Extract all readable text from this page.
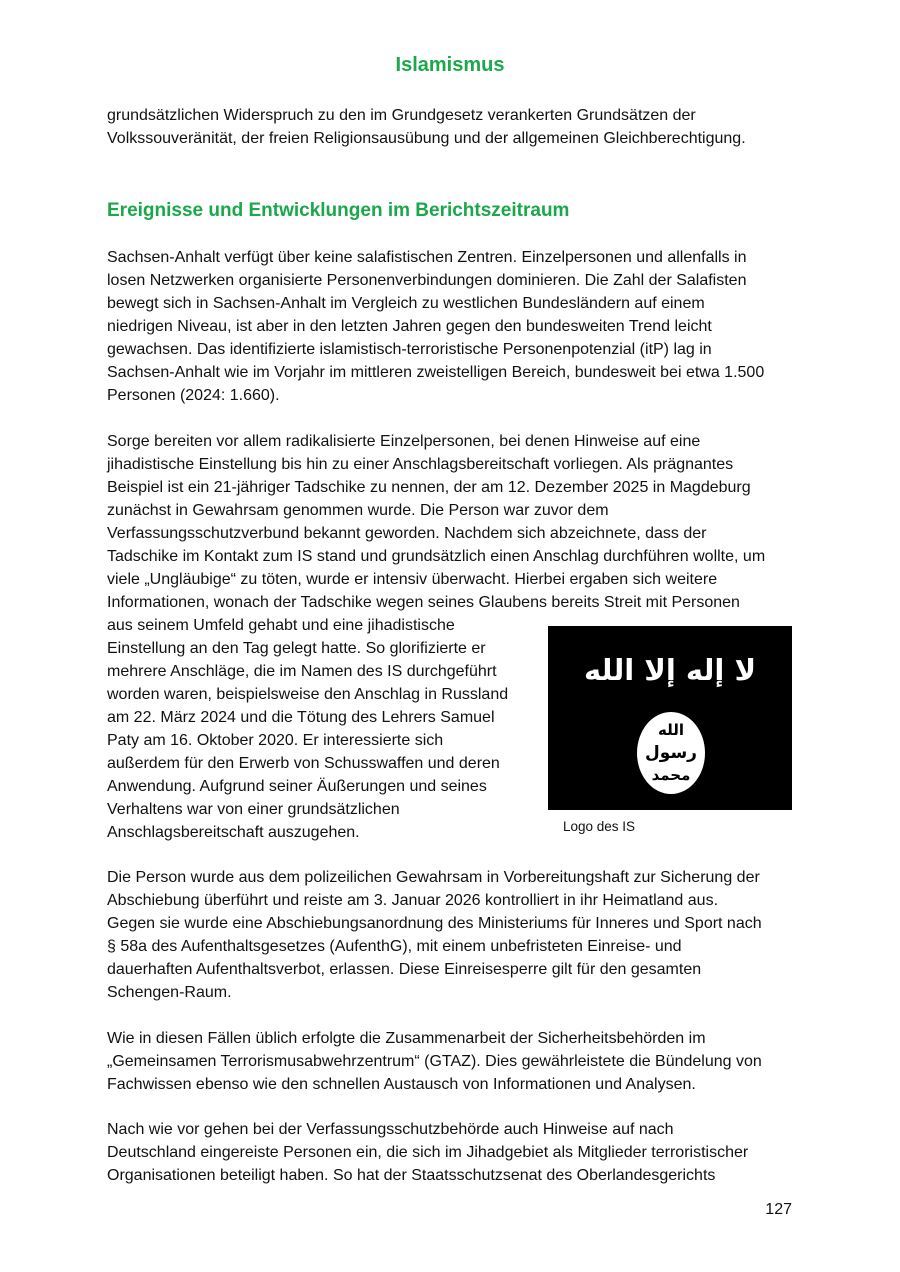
Islamismus
grundsätzlichen Widerspruch zu den im Grundgesetz verankerten Grundsätzen der
Volkssouveränität, der freien Religionsausübung und der allgemeinen Gleichberechtigung.
Ereignisse und Entwicklungen im Berichtszeitraum
Sachsen-Anhalt verfügt über keine salafistischen Zentren. Einzelpersonen und allenfalls in
losen Netzwerken organisierte Personenverbindungen dominieren. Die Zahl der Salafisten
bewegt sich in Sachsen-Anhalt im Vergleich zu westlichen Bundesländern auf einem
niedrigen Niveau, ist aber in den letzten Jahren gegen den bundesweiten Trend leicht
gewachsen. Das identifizierte islamistisch-terroristische Personenpotenzial (itP) lag in
Sachsen-Anhalt wie im Vorjahr im mittleren zweistelligen Bereich, bundesweit bei etwa 1.500
Personen (2024: 1.660).
Sorge bereiten vor allem radikalisierte Einzelpersonen, bei denen Hinweise auf eine
jihadistische Einstellung bis hin zu einer Anschlagsbereitschaft vorliegen. Als prägnantes
Beispiel ist ein 21-jähriger Tadschike zu nennen, der am 12. Dezember 2025 in Magdeburg
zunächst in Gewahrsam genommen wurde. Die Person war zuvor dem
Verfassungsschutzverbund bekannt geworden. Nachdem sich abzeichnete, dass der
Tadschike im Kontakt zum IS stand und grundsätzlich einen Anschlag durchführen wollte, um
viele „Ungläubige“ zu töten, wurde er intensiv überwacht. Hierbei ergaben sich weitere
Informationen, wonach der Tadschike wegen seines Glaubens bereits Streit mit Personen
aus seinem Umfeld gehabt und eine jihadistische
Einstellung an den Tag gelegt hatte. So glorifizierte er
mehrere Anschläge, die im Namen des IS durchgeführt
worden waren, beispielsweise den Anschlag in Russland
am 22. März 2024 und die Tötung des Lehrers Samuel
Paty am 16. Oktober 2020. Er interessierte sich
außerdem für den Erwerb von Schusswaffen und deren
Anwendung. Aufgrund seiner Äußerungen und seines
Verhaltens war von einer grundsätzlichen
Anschlagsbereitschaft auszugehen.
لا إله إلا الله
الله
رسول
محمد
Logo des IS
Die Person wurde aus dem polizeilichen Gewahrsam in Vorbereitungshaft zur Sicherung der
Abschiebung überführt und reiste am 3. Januar 2026 kontrolliert in ihr Heimatland aus.
Gegen sie wurde eine Abschiebungsanordnung des Ministeriums für Inneres und Sport nach
§ 58a des Aufenthaltsgesetzes (AufenthG), mit einem unbefristeten Einreise- und
dauerhaften Aufenthaltsverbot, erlassen. Diese Einreisesperre gilt für den gesamten
Schengen-Raum.
Wie in diesen Fällen üblich erfolgte die Zusammenarbeit der Sicherheitsbehörden im
„Gemeinsamen Terrorismusabwehrzentrum“ (GTAZ). Dies gewährleistete die Bündelung von
Fachwissen ebenso wie den schnellen Austausch von Informationen und Analysen.
Nach wie vor gehen bei der Verfassungsschutzbehörde auch Hinweise auf nach
Deutschland eingereiste Personen ein, die sich im Jihadgebiet als Mitglieder terroristischer
Organisationen beteiligt haben. So hat der Staatsschutzsenat des Oberlandesgerichts
127
